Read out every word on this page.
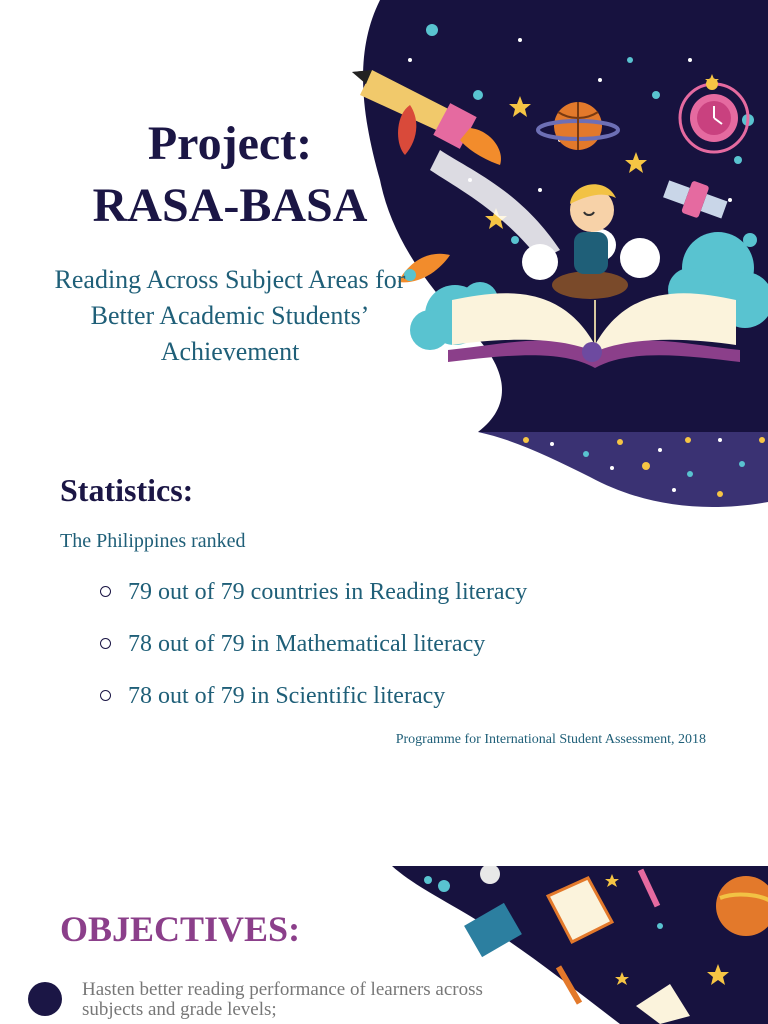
Project:
RASA-BASA
Reading Across Subject Areas for Better Academic Students’ Achievement
Statistics:
The Philippines ranked
79 out of 79 countries in Reading literacy
78 out of 79 in Mathematical literacy
78 out of 79 in Scientific literacy
Programme for International Student Assessment, 2018
OBJECTIVES:
Hasten better reading performance of learners across subjects and grade levels;
